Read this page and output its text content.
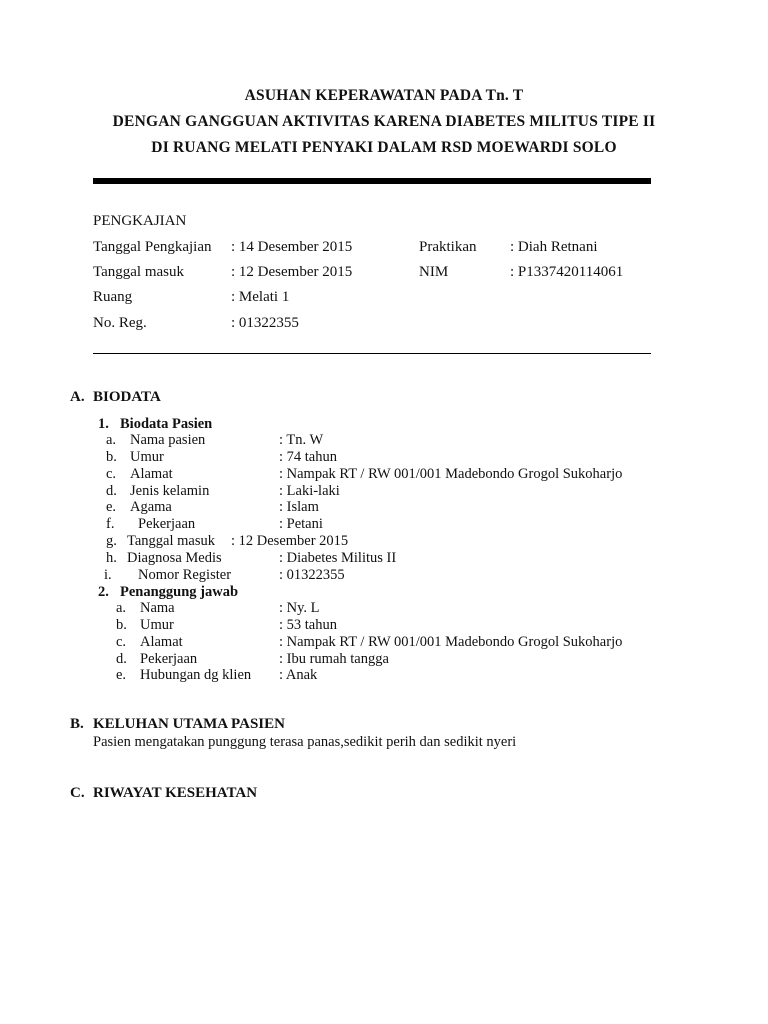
ASUHAN KEPERAWATAN PADA Tn. T
DENGAN GANGGUAN AKTIVITAS KARENA DIABETES MILITUS TIPE II
DI RUANG MELATI PENYAKI DALAM RSD MOEWARDI SOLO
PENGKAJIAN
Tanggal Pengkajian : 14 Desember 2015	Praktikan : Diah Retnani
Tanggal masuk	: 12 Desember 2015	NIM	: P1337420114061
Ruang	: Melati 1
No. Reg.	: 01322355
A. BIODATA
1. Biodata Pasien
a. Nama pasien	: Tn. W
b. Umur	: 74 tahun
c. Alamat	: Nampak RT / RW 001/001 Madebondo Grogol Sukoharjo
d. Jenis kelamin	: Laki-laki
e. Agama	: Islam
f. Pekerjaan	: Petani
g. Tanggal masuk : 12 Desember 2015
h. Diagnosa Medis	: Diabetes Militus II
i. Nomor Register	: 01322355
2. Penanggung jawab
a. Nama	: Ny. L
b. Umur	: 53 tahun
c. Alamat	: Nampak RT / RW 001/001 Madebondo Grogol Sukoharjo
d. Pekerjaan	: Ibu rumah tangga
e. Hubungan dg klien : Anak
B. KELUHAN UTAMA PASIEN
Pasien mengatakan punggung terasa panas,sedikit perih dan sedikit nyeri
C. RIWAYAT KESEHATAN
